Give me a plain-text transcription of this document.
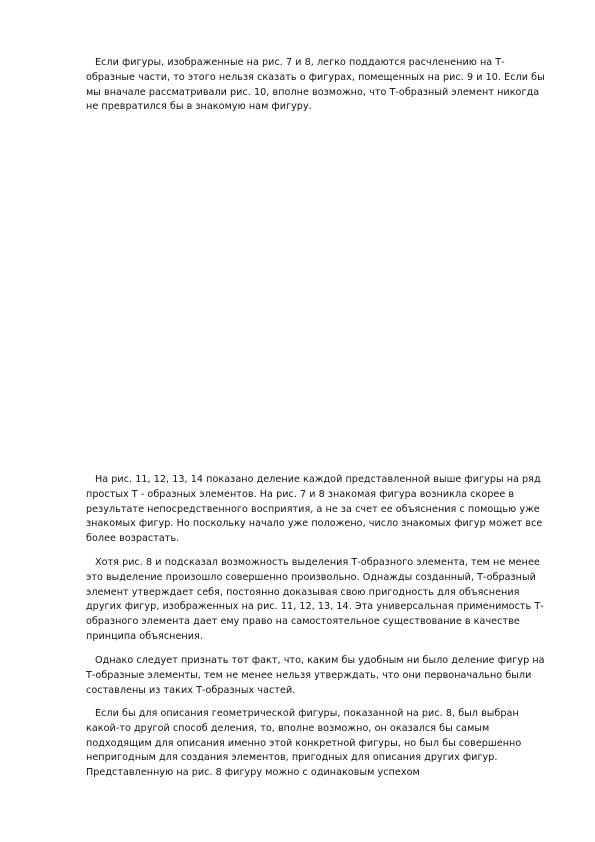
Если фигуры, изображенные на рис. 7 и 8, легко поддаются расчленению на Т-образные части, то этого нельзя сказать о фигурах, помещенных на рис. 9 и 10. Если бы мы вначале рассматривали рис. 10, вполне возможно, что Т-образный элемент никогда не превратился бы в знакомую нам фигуру.

На рис. 11, 12, 13, 14 показано деление каждой представленной выше фигуры на ряд простых Т - образных элементов. На рис. 7 и 8 знакомая фигура возникла скорее в результате непосредственного восприятия, а не за счет ее объяснения с помощью уже знакомых фигур. Но поскольку начало уже положено, число знакомых фигур может все более возрастать.

Хотя рис. 8 и подсказал возможность выделения Т-образного элемента, тем не менее это выделение произошло совершенно произвольно. Однажды созданный, Т-образный элемент утверждает себя, постоянно доказывая свою пригодность для объяснения других фигур, изображенных на рис. 11, 12, 13, 14. Эта универсальная применимость Т-образного элемента дает ему право на самостоятельное существование в качестве принципа объяснения.

Однако следует признать тот факт, что, каким бы удобным ни было деление фигур на Т-образные элементы, тем не менее нельзя утверждать, что они первоначально были составлены из таких Т-образных частей.

Если бы для описания геометрической фигуры, показанной на рис. 8, был выбран какой-то другой способ деления, то, вполне возможно, он оказался бы самым подходящим для описания именно этой конкретной фигуры, но был бы совершенно непригодным для создания элементов, пригодных для описания других фигур. Представленную на рис. 8 фигуру можно с одинаковым успехом
